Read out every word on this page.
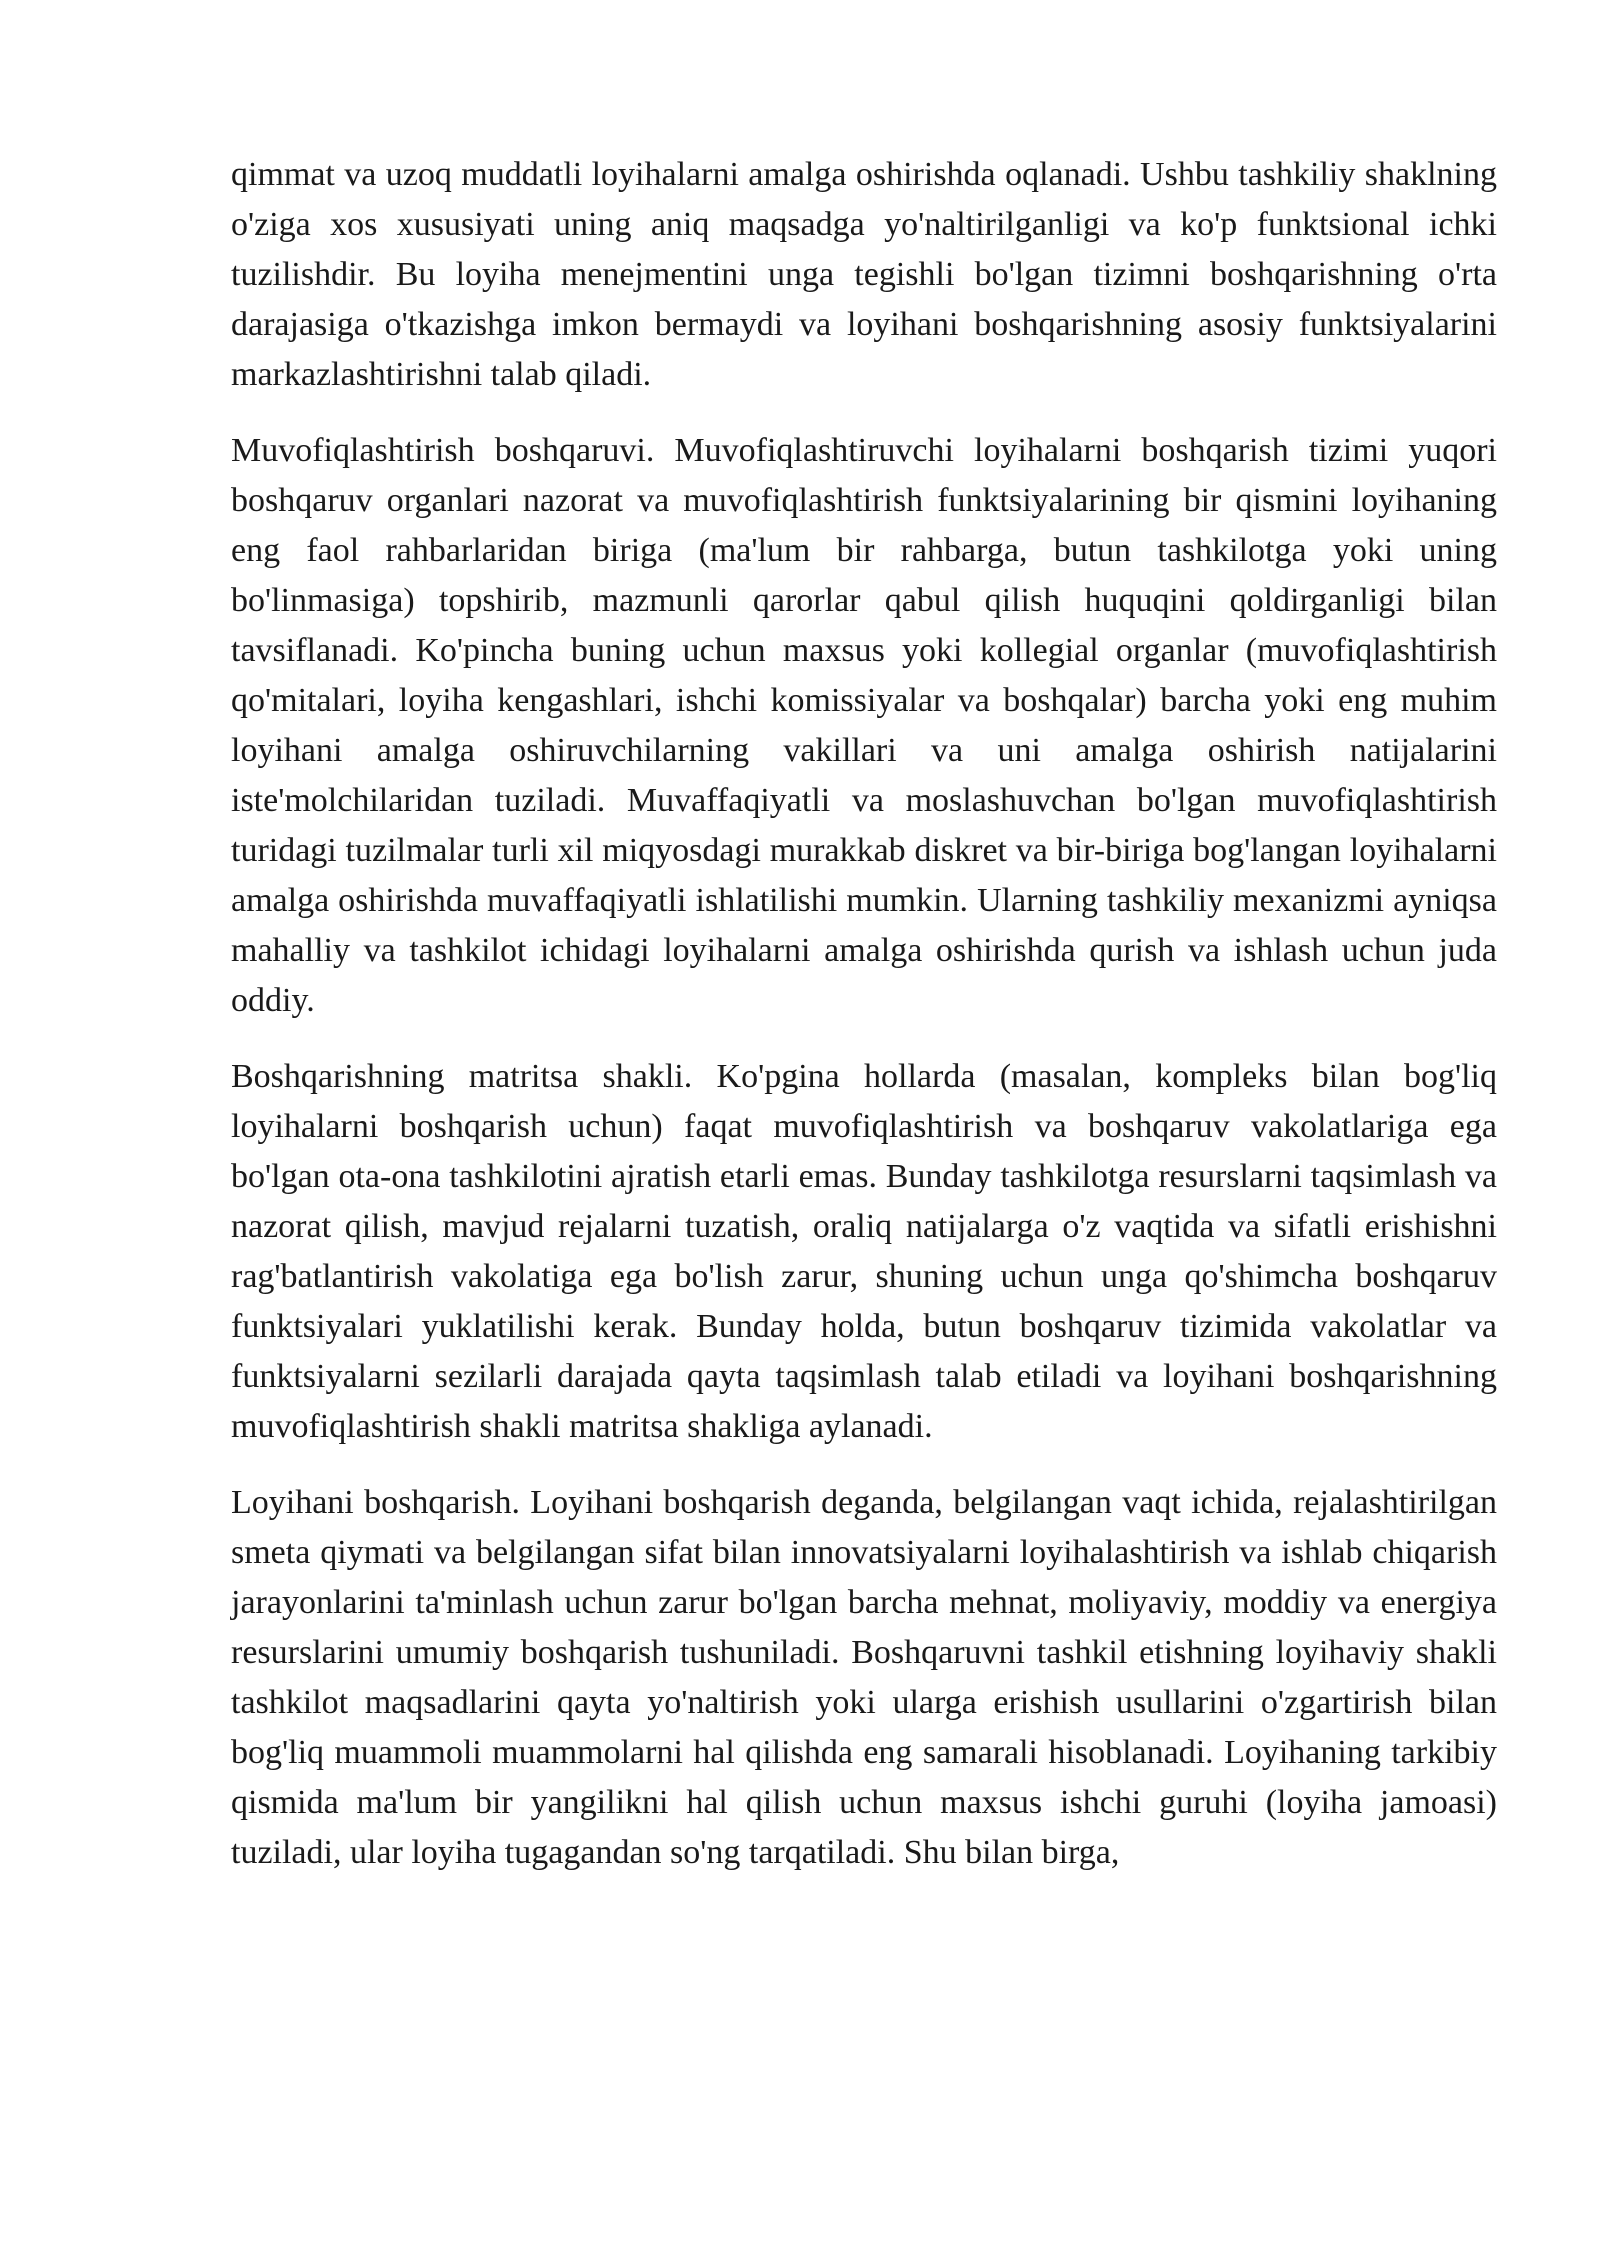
qimmat va uzoq muddatli loyihalarni amalga oshirishda oqlanadi. Ushbu tashkiliy shaklning o'ziga xos xususiyati uning aniq maqsadga yo'naltirilganligi va ko'p funktsional ichki tuzilishdir. Bu loyiha menejmentini unga tegishli bo'lgan tizimni boshqarishning o'rta darajasiga o'tkazishga imkon bermaydi va loyihani boshqarishning asosiy funktsiyalarini markazlashtirishni talab qiladi.

Muvofiqlashtirish boshqaruvi. Muvofiqlashtiruvchi loyihalarni boshqarish tizimi yuqori boshqaruv organlari nazorat va muvofiqlashtirish funktsiyalarining bir qismini loyihaning eng faol rahbarlaridan biriga (ma'lum bir rahbarga, butun tashkilotga yoki uning bo'linmasiga) topshirib, mazmunli qarorlar qabul qilish huquqini qoldirganligi bilan tavsiflanadi. Ko'pincha buning uchun maxsus yoki kollegial organlar (muvofiqlashtirish qo'mitalari, loyiha kengashlari, ishchi komissiyalar va boshqalar) barcha yoki eng muhim loyihani amalga oshiruvchilarning vakillari va uni amalga oshirish natijalarini iste'molchilaridan tuziladi. Muvaffaqiyatli va moslashuvchan bo'lgan muvofiqlashtirish turidagi tuzilmalar turli xil miqyosdagi murakkab diskret va bir-biriga bog'langan loyihalarni amalga oshirishda muvaffaqiyatli ishlatilishi mumkin. Ularning tashkiliy mexanizmi ayniqsa mahalliy va tashkilot ichidagi loyihalarni amalga oshirishda qurish va ishlash uchun juda oddiy.

Boshqarishning matritsa shakli. Ko'pgina hollarda (masalan, kompleks bilan bog'liq loyihalarni boshqarish uchun) faqat muvofiqlashtirish va boshqaruv vakolatlariga ega bo'lgan ota-ona tashkilotini ajratish etarli emas. Bunday tashkilotga resurslarni taqsimlash va nazorat qilish, mavjud rejalarni tuzatish, oraliq natijalarga o'z vaqtida va sifatli erishishni rag'batlantirish vakolatiga ega bo'lish zarur, shuning uchun unga qo'shimcha boshqaruv funktsiyalari yuklatilishi kerak. Bunday holda, butun boshqaruv tizimida vakolatlar va funktsiyalarni sezilarli darajada qayta taqsimlash talab etiladi va loyihani boshqarishning muvofiqlashtirish shakli matritsa shakliga aylanadi.

Loyihani boshqarish. Loyihani boshqarish deganda, belgilangan vaqt ichida, rejalashtirilgan smeta qiymati va belgilangan sifat bilan innovatsiyalarni loyihalashtirish va ishlab chiqarish jarayonlarini ta'minlash uchun zarur bo'lgan barcha mehnat, moliyaviy, moddiy va energiya resurslarini umumiy boshqarish tushuniladi. Boshqaruvni tashkil etishning loyihaviy shakli tashkilot maqsadlarini qayta yo'naltirish yoki ularga erishish usullarini o'zgartirish bilan bog'liq muammoli muammolarni hal qilishda eng samarali hisoblanadi. Loyihaning tarkibiy qismida ma'lum bir yangilikni hal qilish uchun maxsus ishchi guruhi (loyiha jamoasi) tuziladi, ular loyiha tugagandan so'ng tarqatiladi. Shu bilan birga,
